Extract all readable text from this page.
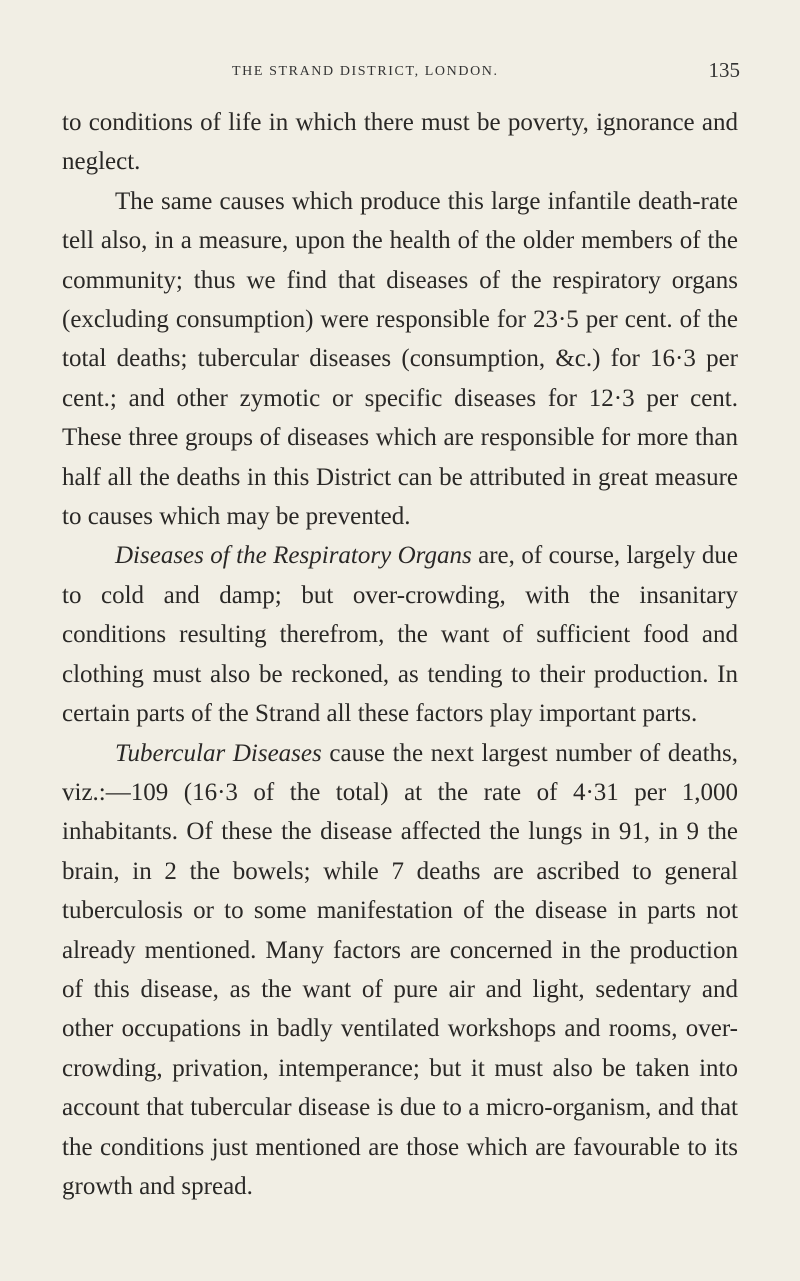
THE STRAND DISTRICT, LONDON.	135

to conditions of life in which there must be poverty, ignorance and neglect.

The same causes which produce this large infantile death-rate tell also, in a measure, upon the health of the older members of the community; thus we find that diseases of the respiratory organs (excluding consumption) were responsible for 23·5 per cent. of the total deaths; tubercular diseases (consumption, &c.) for 16·3 per cent.; and other zymotic or specific diseases for 12·3 per cent. These three groups of diseases which are responsible for more than half all the deaths in this District can be attributed in great measure to causes which may be prevented.

Diseases of the Respiratory Organs are, of course, largely due to cold and damp; but over-crowding, with the insanitary conditions resulting therefrom, the want of sufficient food and clothing must also be reckoned, as tending to their production. In certain parts of the Strand all these factors play important parts.

Tubercular Diseases cause the next largest number of deaths, viz.:—109 (16·3 of the total) at the rate of 4·31 per 1,000 inhabitants. Of these the disease affected the lungs in 91, in 9 the brain, in 2 the bowels; while 7 deaths are ascribed to general tuberculosis or to some manifestation of the disease in parts not already mentioned. Many factors are concerned in the production of this disease, as the want of pure air and light, sedentary and other occupations in badly ventilated workshops and rooms, over-crowding, privation, intemperance; but it must also be taken into account that tubercular disease is due to a micro-organism, and that the conditions just mentioned are those which are favourable to its growth and spread.
